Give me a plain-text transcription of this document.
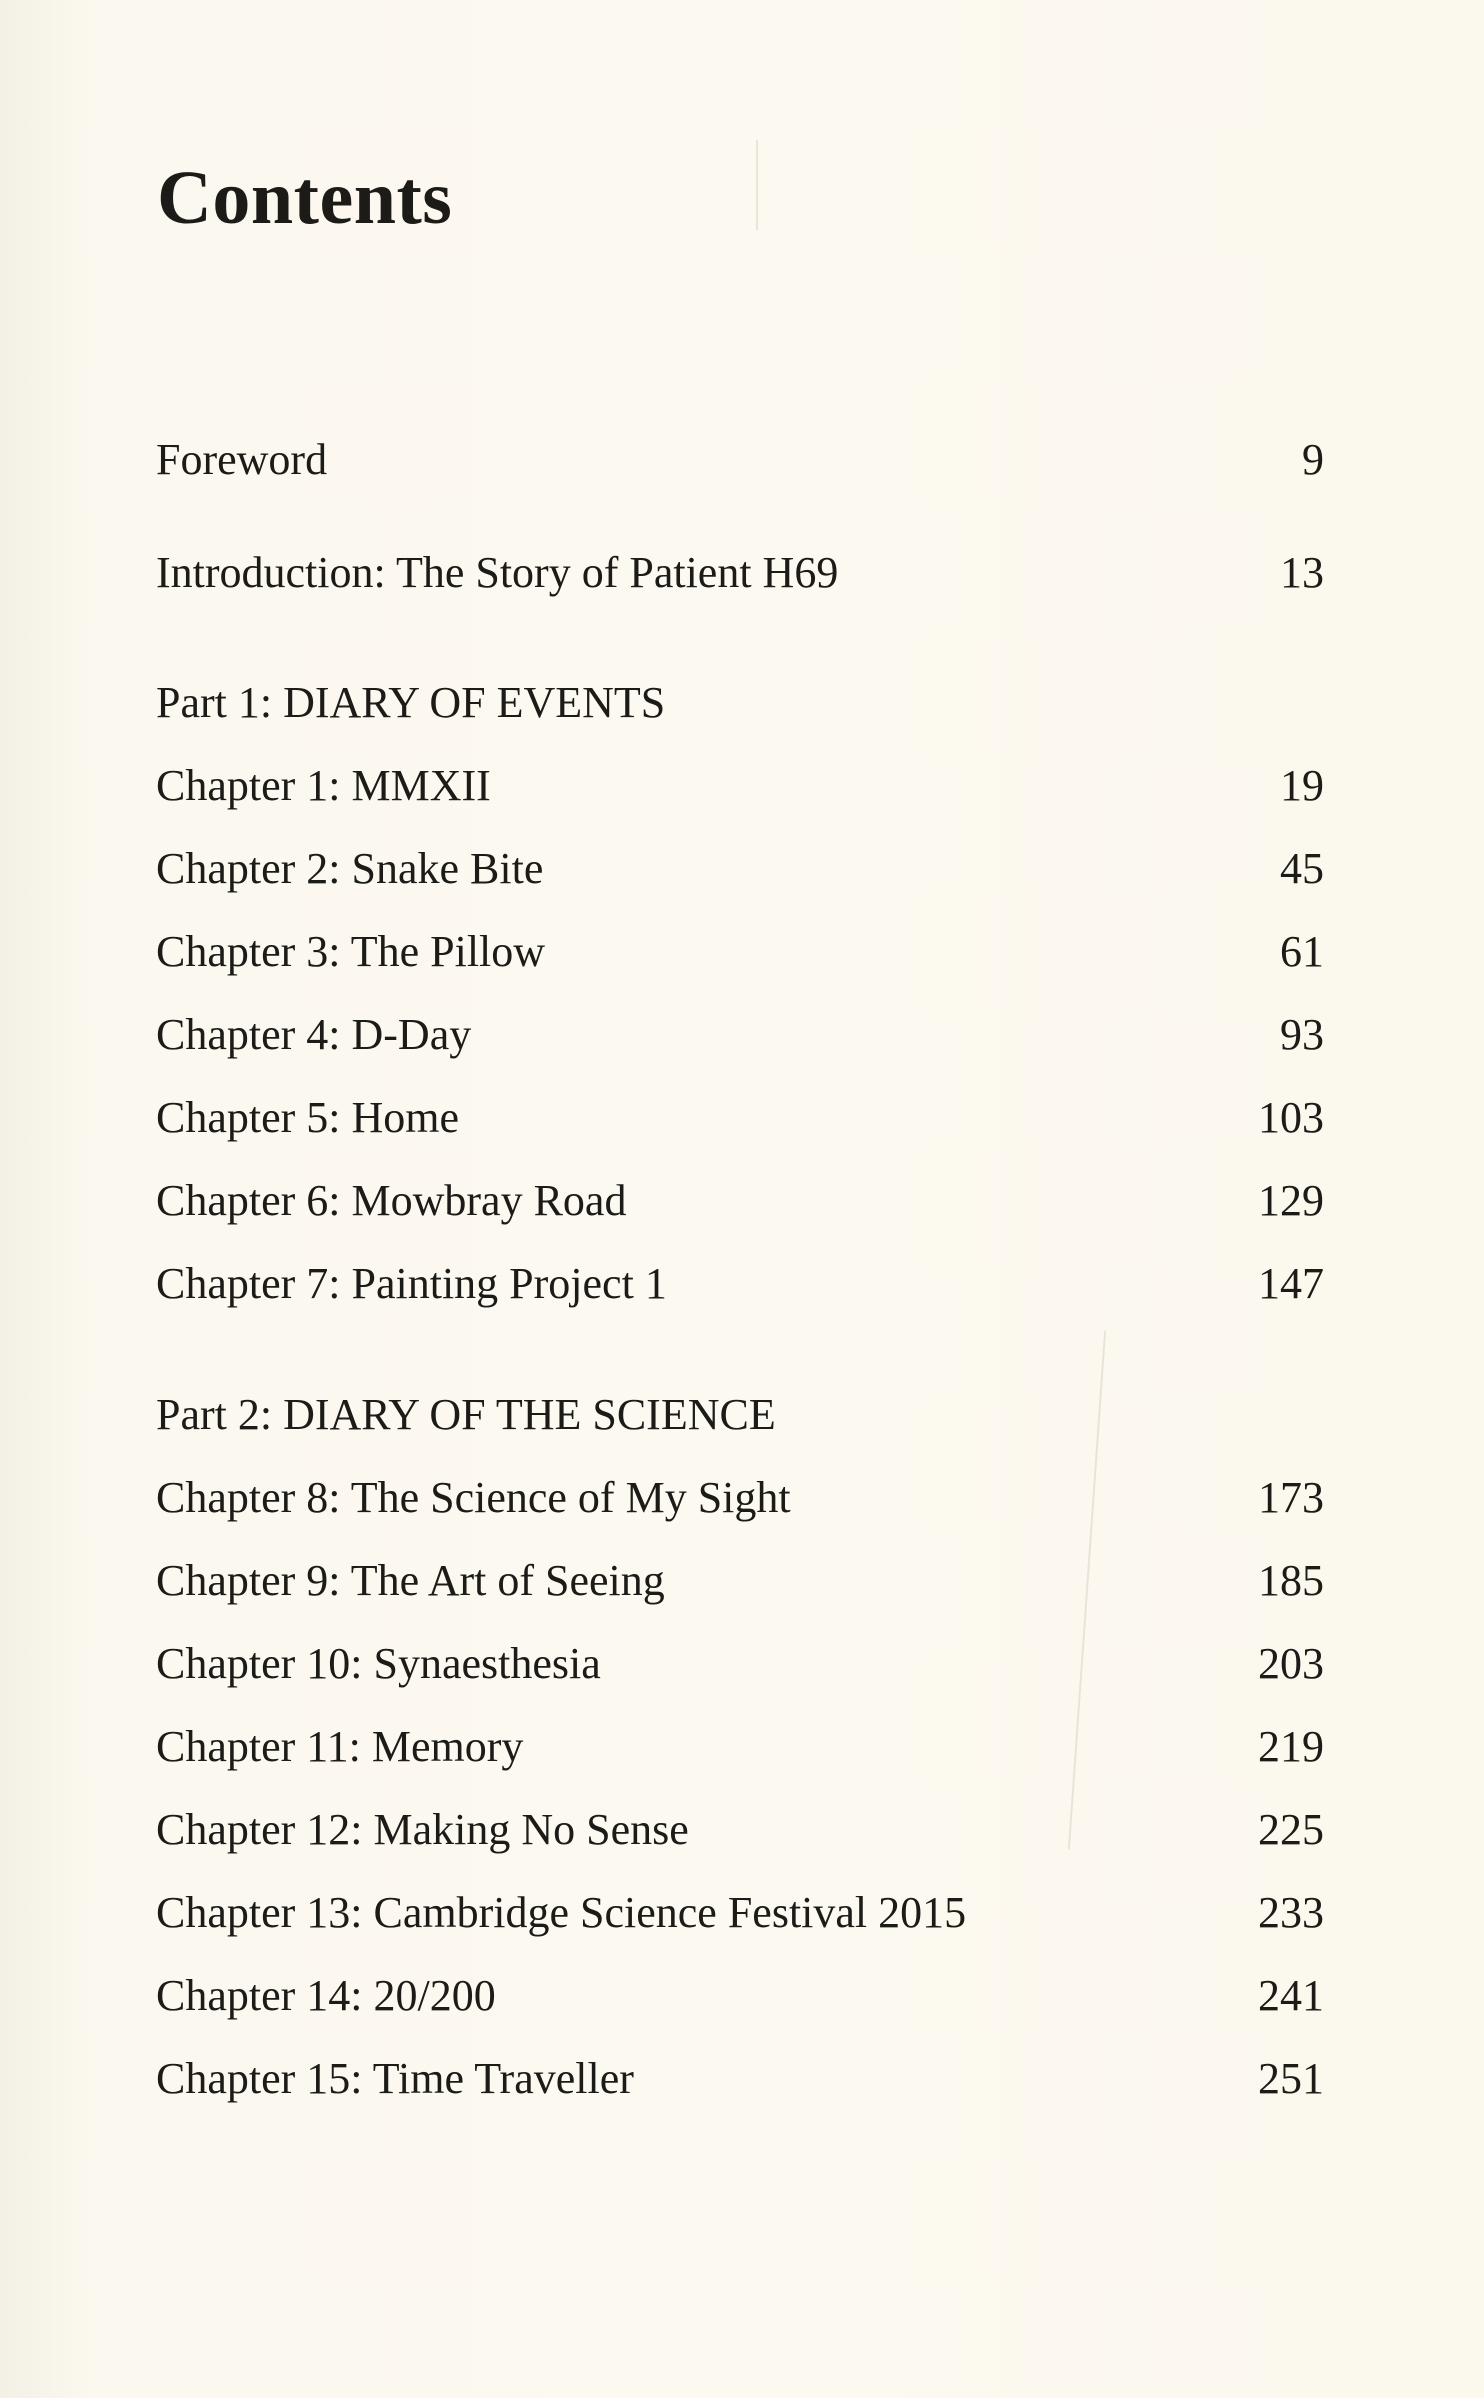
Contents
Foreword	9
Introduction: The Story of Patient H69	13
Part 1: DIARY OF EVENTS
Chapter 1: MMXII	19
Chapter 2: Snake Bite	45
Chapter 3: The Pillow	61
Chapter 4: D-Day	93
Chapter 5: Home	103
Chapter 6: Mowbray Road	129
Chapter 7: Painting Project 1	147
Part 2: DIARY OF THE SCIENCE
Chapter 8: The Science of My Sight	173
Chapter 9: The Art of Seeing	185
Chapter 10: Synaesthesia	203
Chapter 11: Memory	219
Chapter 12: Making No Sense	225
Chapter 13: Cambridge Science Festival 2015	233
Chapter 14: 20/200	241
Chapter 15: Time Traveller	251
